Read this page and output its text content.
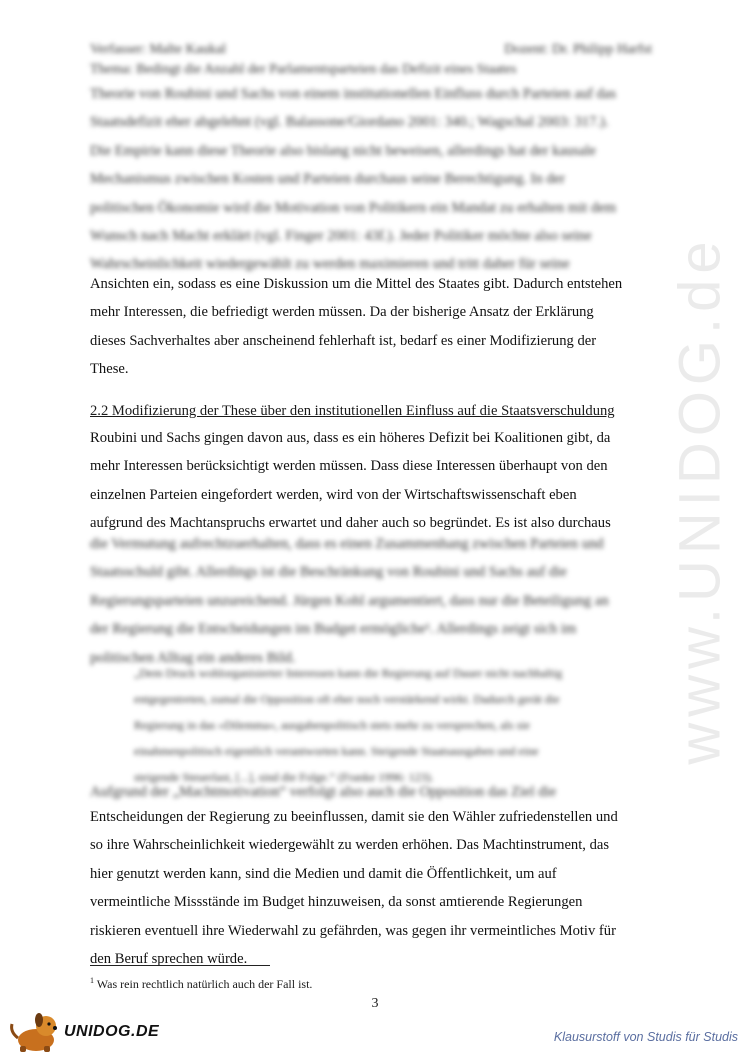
www.UNIDOG.de
Verfasser: Malte Kaukal	Dozent: Dr. Philipp Harfst
Thema: Bedingt die Anzahl der Parlamentsparteien das Defizit eines Staates

Theorie von Roubini und Sachs von einem institutionellen Einfluss durch Parteien auf das
Staatsdefizit eher abgelehnt (vgl. Balassone/Giordano 2001: 340.; Wagschal 2003: 317.).
Die Empirie kann diese Theorie also bislang nicht beweisen, allerdings hat der kausale
Mechanismus zwischen Kosten und Parteien durchaus seine Berechtigung. In der
politischen Ökonomie wird die Motivation von Politikern ein Mandat zu erhalten mit dem
Wunsch nach Macht erklärt (vgl. Finger 2001: 43f.). Jeder Politiker möchte also seine
Wahrscheinlichkeit wiedergewählt zu werden maximieren und tritt daher für seine

Ansichten ein, sodass es eine Diskussion um die Mittel des Staates gibt. Dadurch entstehen
mehr Interessen, die befriedigt werden müssen. Da der bisherige Ansatz der Erklärung
dieses Sachverhaltes aber anscheinend fehlerhaft ist, bedarf es einer Modifizierung der
These.

2.2 Modifizierung der These über den institutionellen Einfluss auf die Staatsverschuldung

Roubini und Sachs gingen davon aus, dass es ein höheres Defizit bei Koalitionen gibt, da
mehr Interessen berücksichtigt werden müssen. Dass diese Interessen überhaupt von den
einzelnen Parteien eingefordert werden, wird von der Wirtschaftswissenschaft eben
aufgrund des Machtanspruchs erwartet und daher auch so begründet. Es ist also durchaus

die Vermutung aufrechtzuerhalten, dass es einen Zusammenhang zwischen Parteien und
Staatsschuld gibt. Allerdings ist die Beschränkung von Roubini und Sachs auf die
Regierungsparteien unzureichend. Jürgen Kohl argumentiert, dass nur die Beteiligung an
der Regierung die Entscheidungen im Budget ermögliche¹. Allerdings zeigt sich im
politischen Alltag ein anderes Bild.

„Dem Druck wohlorganisierter Interessen kann die Regierung auf Dauer nicht nachhaltig
entgegentreten, zumal die Opposition oft eher noch verstärkend wirkt. Dadurch gerät die
Regierung in das »Dilemma«, ausgabenpolitisch stets mehr zu versprechen, als sie
einahmenpolitisch eigentlich verantworten kann. Steigende Staatsausgaben und eine
steigende Steuerlast, [...], sind die Folge.“ (Franke 1996: 123).

Aufgrund der „Machtmotivation“ verfolgt also auch die Opposition das Ziel die

Entscheidungen der Regierung zu beeinflussen, damit sie den Wähler zufriedenstellen und
so ihre Wahrscheinlichkeit wiedergewählt zu werden erhöhen. Das Machtinstrument, das
hier genutzt werden kann, sind die Medien und damit die Öffentlichkeit, um auf
vermeintliche Missstände im Budget hinzuweisen, da sonst amtierende Regierungen
riskieren eventuell ihre Wiederwahl zu gefährden, was gegen ihr vermeintliches Motiv für
den Beruf sprechen würde.

$^1$ Was rein rechtlich natürlich auch der Fall ist.

3

UNIDOG.DE	Klausurstoff von Studis für Studis
